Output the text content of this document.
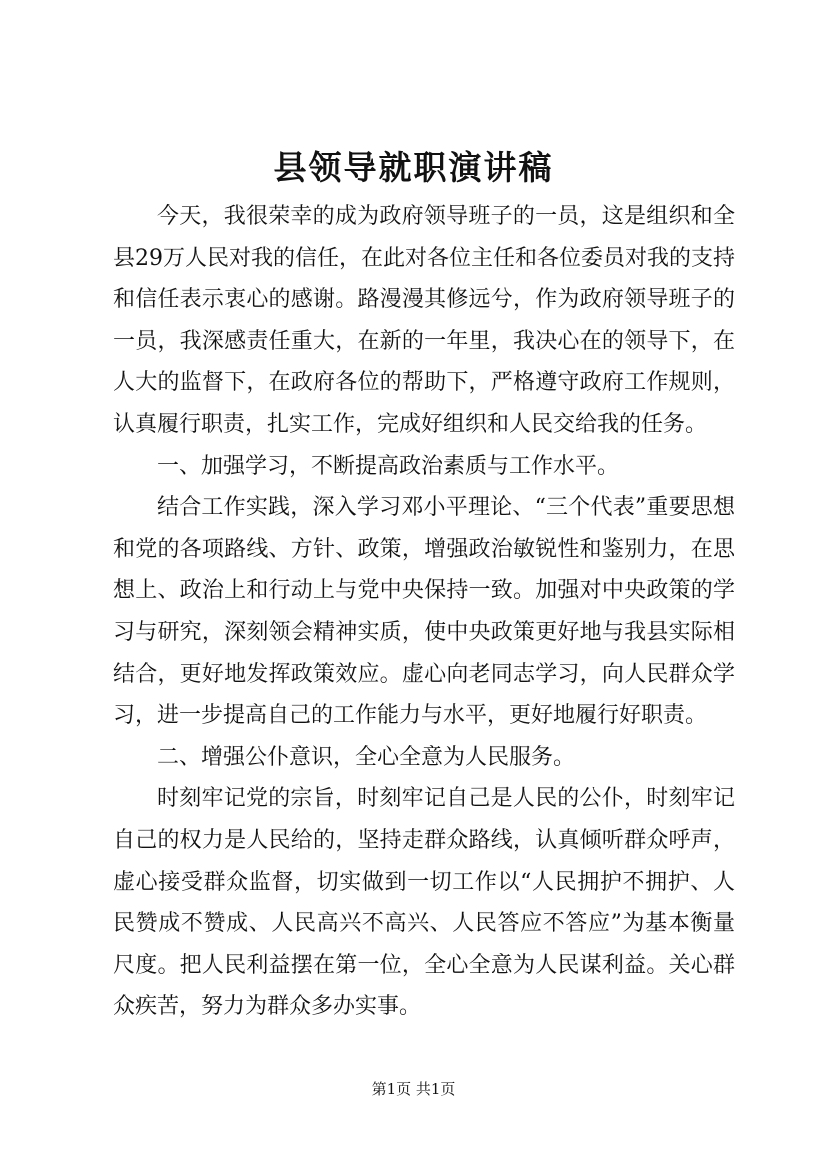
县领导就职演讲稿

今天，我很荣幸的成为政府领导班子的一员，这是组织和全县29万人民对我的信任，在此对各位主任和各位委员对我的支持和信任表示衷心的感谢。路漫漫其修远兮，作为政府领导班子的一员，我深感责任重大，在新的一年里，我决心在的领导下，在人大的监督下，在政府各位的帮助下，严格遵守政府工作规则，认真履行职责，扎实工作，完成好组织和人民交给我的任务。

一、加强学习，不断提高政治素质与工作水平。

结合工作实践，深入学习邓小平理论、“三个代表”重要思想和党的各项路线、方针、政策，增强政治敏锐性和鉴别力，在思想上、政治上和行动上与党中央保持一致。加强对中央政策的学习与研究，深刻领会精神实质，使中央政策更好地与我县实际相结合，更好地发挥政策效应。虚心向老同志学习，向人民群众学习，进一步提高自己的工作能力与水平，更好地履行好职责。

二、增强公仆意识，全心全意为人民服务。

时刻牢记党的宗旨，时刻牢记自己是人民的公仆，时刻牢记自己的权力是人民给的，坚持走群众路线，认真倾听群众呼声，虚心接受群众监督，切实做到一切工作以“人民拥护不拥护、人民赞成不赞成、人民高兴不高兴、人民答应不答应”为基本衡量尺度。把人民利益摆在第一位，全心全意为人民谋利益。关心群众疾苦，努力为群众多办实事。

第1页 共1页
